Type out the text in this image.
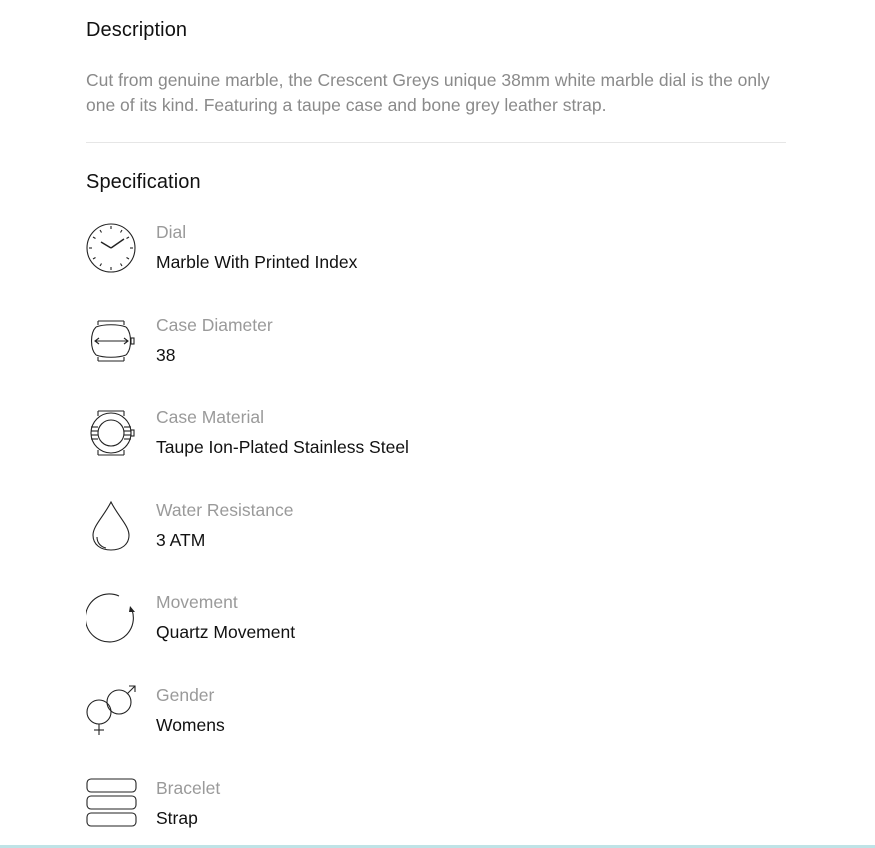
Description
Cut from genuine marble, the Crescent Greys unique 38mm white marble dial is the only one of its kind. Featuring a taupe case and bone grey leather strap.
Specification
Dial
Marble With Printed Index
Case Diameter
38
Case Material
Taupe Ion-Plated Stainless Steel
Water Resistance
3 ATM
Movement
Quartz Movement
Gender
Womens
Bracelet
Strap
